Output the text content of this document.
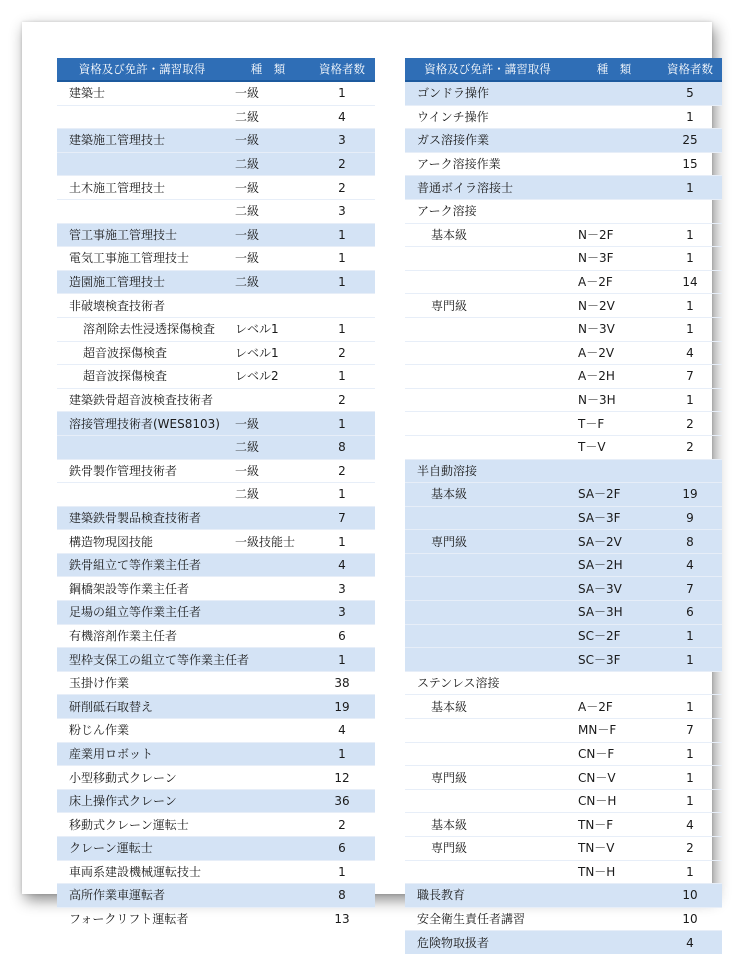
資格及び免許・講習取得	種　類	資格者数
建築士	一級	1
	二級	4
建築施工管理技士	一級	3
	二級	2
土木施工管理技士	一級	2
	二級	3
管工事施工管理技士	一級	1
電気工事施工管理技士	一級	1
造園施工管理技士	二級	1
非破壊検査技術者		
溶剤除去性浸透探傷検査	レベル1	1
超音波探傷検査	レベル1	2
超音波探傷検査	レベル2	1
建築鉄骨超音波検査技術者		2
溶接管理技術者(WES8103)	一級	1
	二級	8
鉄骨製作管理技術者	一級	2
	二級	1
建築鉄骨製品検査技術者		7
構造物現図技能	一級技能士	1
鉄骨組立て等作業主任者		4
鋼橋架設等作業主任者		3
足場の組立等作業主任者		3
有機溶剤作業主任者		6
型枠支保工の組立て等作業主任者		1
玉掛け作業		38
研削砥石取替え		19
粉じん作業		4
産業用ロボット		1
小型移動式クレーン		12
床上操作式クレーン		36
移動式クレーン運転士		2
クレーン運転士		6
車両系建設機械運転技士		1
高所作業車運転者		8
フォークリフト運転者		13
資格及び免許・講習取得	種　類	資格者数
ゴンドラ操作		5
ウインチ操作		1
ガス溶接作業		25
アーク溶接作業		15
普通ボイラ溶接士		1
アーク溶接		
基本級	N－2F	1
	N－3F	1
	A－2F	14
専門級	N－2V	1
	N－3V	1
	A－2V	4
	A－2H	7
	N－3H	1
	T－F	2
	T－V	2
半自動溶接		
基本級	SA－2F	19
	SA－3F	9
専門級	SA－2V	8
	SA－2H	4
	SA－3V	7
	SA－3H	6
	SC－2F	1
	SC－3F	1
ステンレス溶接		
基本級	A－2F	1
	MN－F	7
	CN－F	1
専門級	CN－V	1
	CN－H	1
基本級	TN－F	4
専門級	TN－V	2
	TN－H	1
職長教育		10
安全衛生責任者講習		10
危険物取扱者		4
